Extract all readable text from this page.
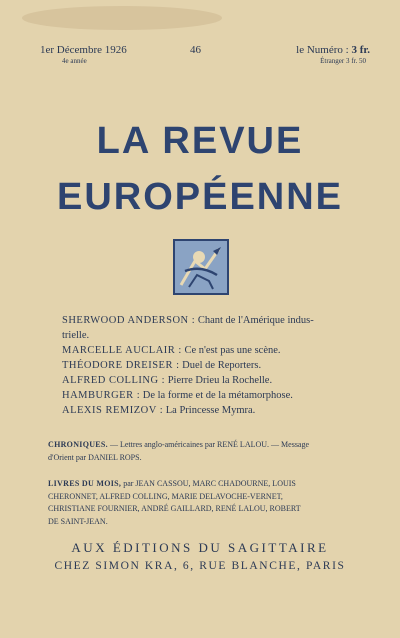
1er Décembre 1926
4e année
46	le Numéro : 3 fr.
Étranger 3 fr. 50
LA REVUE
EUROPÉENNE
SHERWOOD ANDERSON : Chant de l'Amérique indus-
trielle.
MARCELLE AUCLAIR : Ce n'est pas une scène.
THÉODORE DREISER : Duel de Reporters.
ALFRED COLLING : Pierre Drieu la Rochelle.
HAMBURGER : De la forme et de la métamorphose.
ALEXIS REMIZOV : La Princesse Mymra.
CHRONIQUES. — Lettres anglo-américaines par RENÉ LALOU. — Message
d'Orient par DANIEL ROPS.
LIVRES DU MOIS, par JEAN CASSOU, MARC CHADOURNE, LOUIS
CHERONNET, ALFRED COLLING, MARIE DELAVOCHE-VERNET,
CHRISTIANE FOURNIER, ANDRÉ GAILLARD, RENÉ LALOU, ROBERT
DE SAINT-JEAN.
AUX ÉDITIONS DU SAGITTAIRE
CHEZ SIMON KRA, 6, RUE BLANCHE, PARIS
